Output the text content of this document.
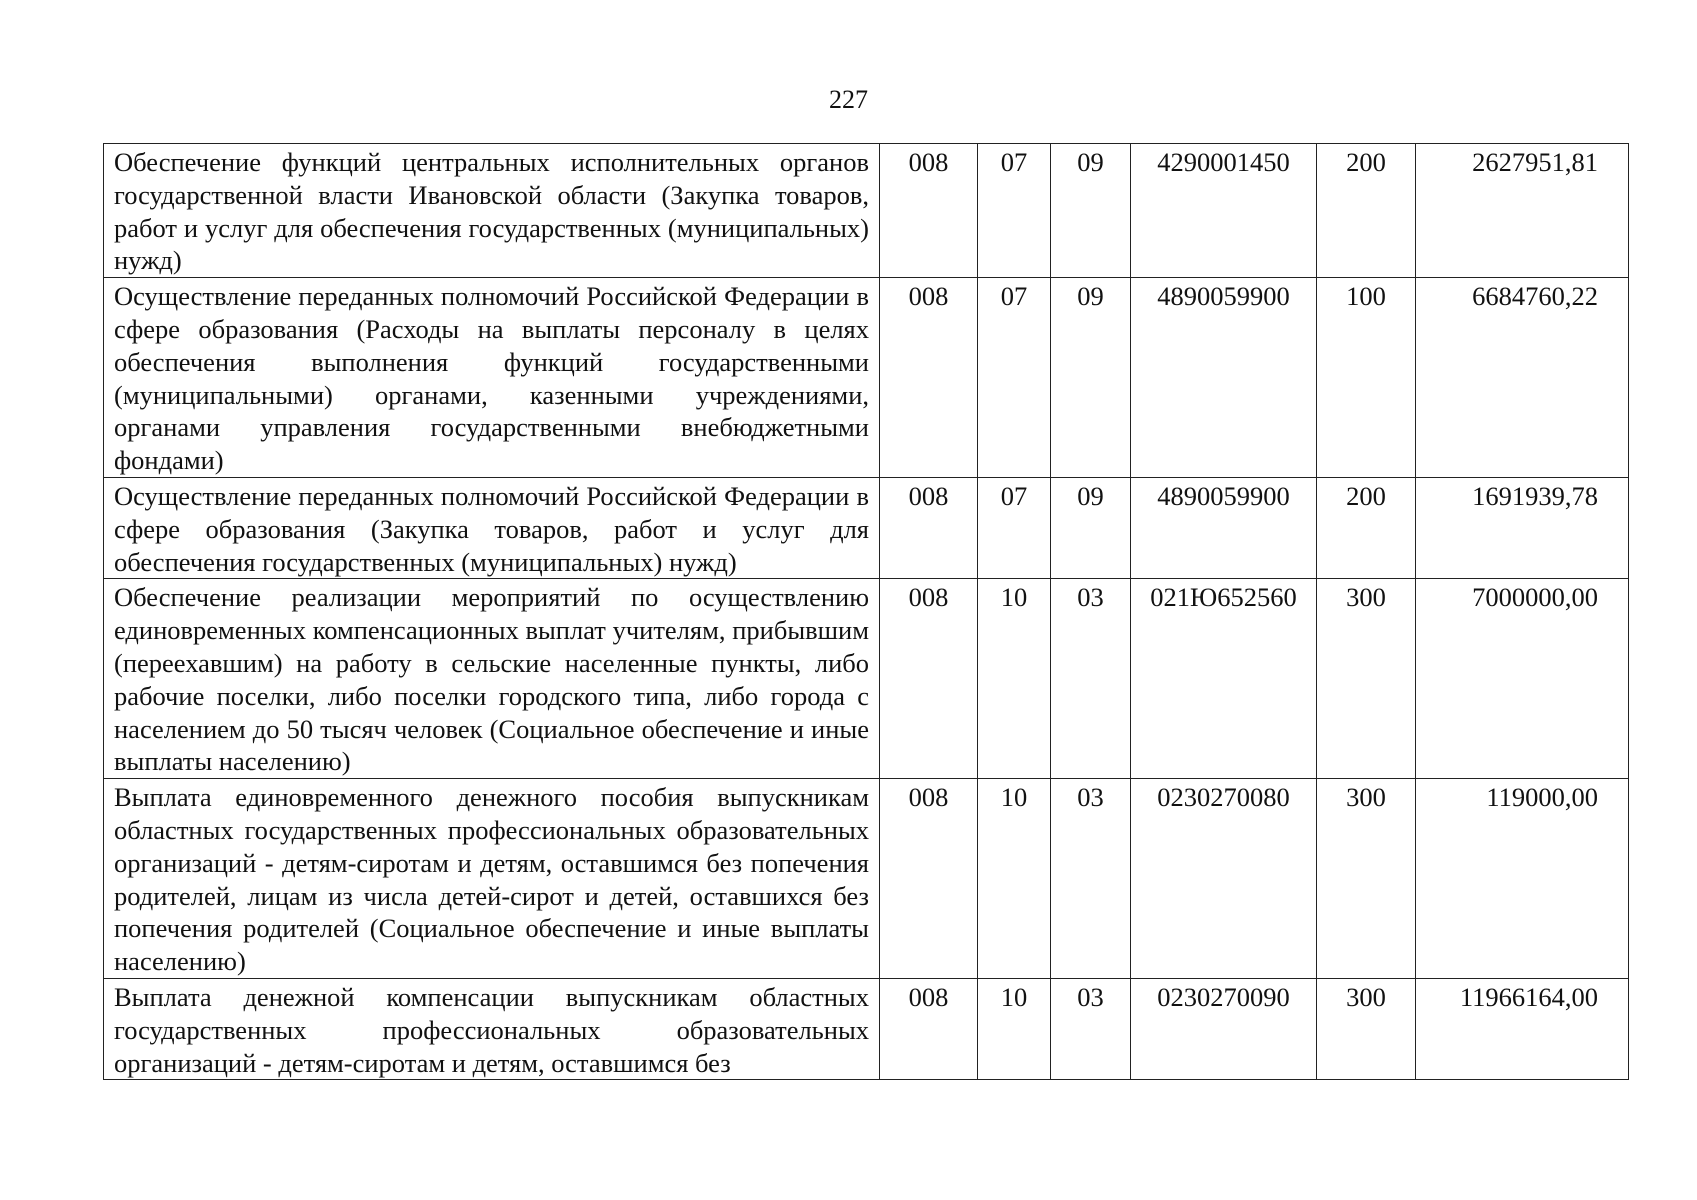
227
Обеспечение функций центральных исполнительных органов государственной власти Ивановской области (Закупка товаров, работ и услуг для обеспечения государственных (муниципальных) нужд)	008	07	09	4290001450	200	2627951,81
Осуществление переданных полномочий Российской Федерации в сфере образования (Расходы на выплаты персоналу в целях обеспечения выполнения функций государственными (муниципальными) органами, казенными учреждениями, органами управления государственными внебюджетными фондами)	008	07	09	4890059900	100	6684760,22
Осуществление переданных полномочий Российской Федерации в сфере образования (Закупка товаров, работ и услуг для обеспечения государственных (муниципальных) нужд)	008	07	09	4890059900	200	1691939,78
Обеспечение реализации мероприятий по осуществлению единовременных компенсационных выплат учителям, прибывшим (переехавшим) на работу в сельские населенные пункты, либо рабочие поселки, либо поселки городского типа, либо города с населением до 50 тысяч человек (Социальное обеспечение и иные выплаты населению)	008	10	03	021Ю652560	300	7000000,00
Выплата единовременного денежного пособия выпускникам областных государственных профессиональных образовательных организаций - детям-сиротам и детям, оставшимся без попечения родителей, лицам из числа детей-сирот и детей, оставшихся без попечения родителей (Социальное обеспечение и иные выплаты населению)	008	10	03	0230270080	300	119000,00
Выплата денежной компенсации выпускникам областных государственных профессиональных образовательных организаций - детям-сиротам и детям, оставшимся без	008	10	03	0230270090	300	11966164,00
